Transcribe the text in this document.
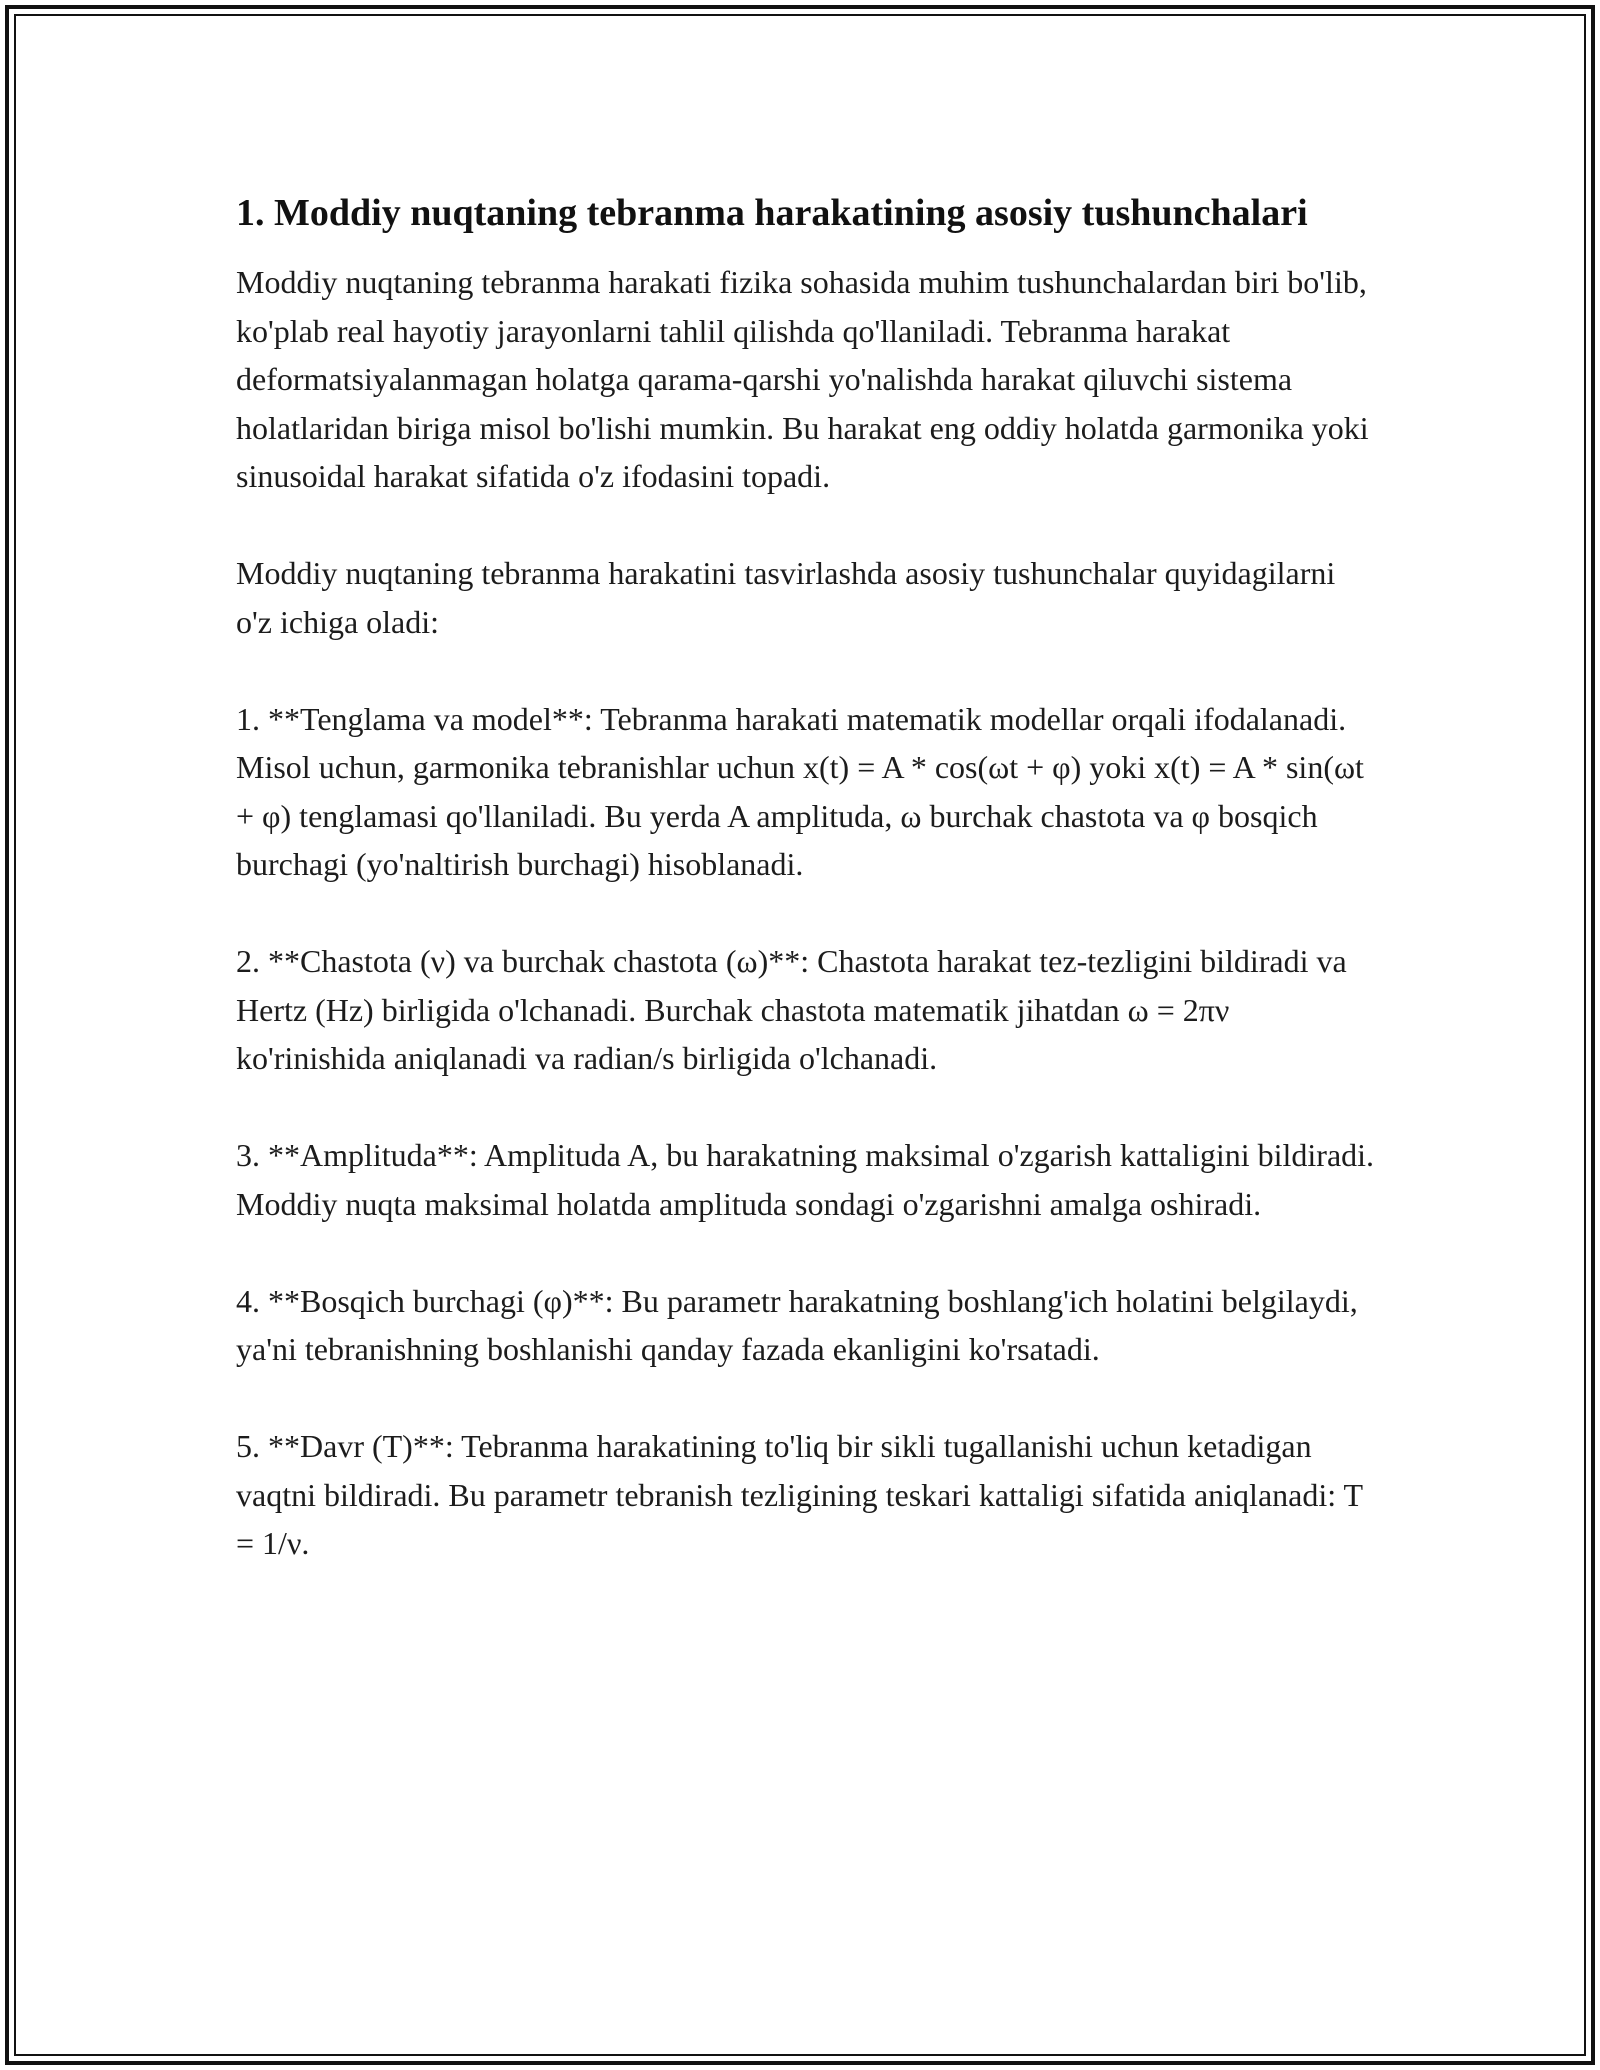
1. Moddiy nuqtaning tebranma harakatining asosiy tushunchalari

Moddiy nuqtaning tebranma harakati fizika sohasida muhim tushunchalardan biri bo'lib, ko'plab real hayotiy jarayonlarni tahlil qilishda qo'llaniladi. Tebranma harakat deformatsiyalanmagan holatga qarama-qarshi yo'nalishda harakat qiluvchi sistema holatlaridan biriga misol bo'lishi mumkin. Bu harakat eng oddiy holatda garmonika yoki sinusoidal harakat sifatida o'z ifodasini topadi.

Moddiy nuqtaning tebranma harakatini tasvirlashda asosiy tushunchalar quyidagilarni o'z ichiga oladi:

1. **Tenglama va model**: Tebranma harakati matematik modellar orqali ifodalanadi. Misol uchun, garmonika tebranishlar uchun x(t) = A * cos(ωt + φ) yoki x(t) = A * sin(ωt + φ) tenglamasi qo'llaniladi. Bu yerda A amplituda, ω burchak chastota va φ bosqich burchagi (yo'naltirish burchagi) hisoblanadi.

2. **Chastota (ν) va burchak chastota (ω)**: Chastota harakat tez-tezligini bildiradi va Hertz (Hz) birligida o'lchanadi. Burchak chastota matematik jihatdan ω = 2πν ko'rinishida aniqlanadi va radian/s birligida o'lchanadi.

3. **Amplituda**: Amplituda A, bu harakatning maksimal o'zgarish kattaligini bildiradi. Moddiy nuqta maksimal holatda amplituda sondagi o'zgarishni amalga oshiradi.

4. **Bosqich burchagi (φ)**: Bu parametr harakatning boshlang'ich holatini belgilaydi, ya'ni tebranishning boshlanishi qanday fazada ekanligini ko'rsatadi.

5. **Davr (T)**: Tebranma harakatining to'liq bir sikli tugallanishi uchun ketadigan vaqtni bildiradi. Bu parametr tebranish tezligining teskari kattaligi sifatida aniqlanadi: T = 1/ν.
